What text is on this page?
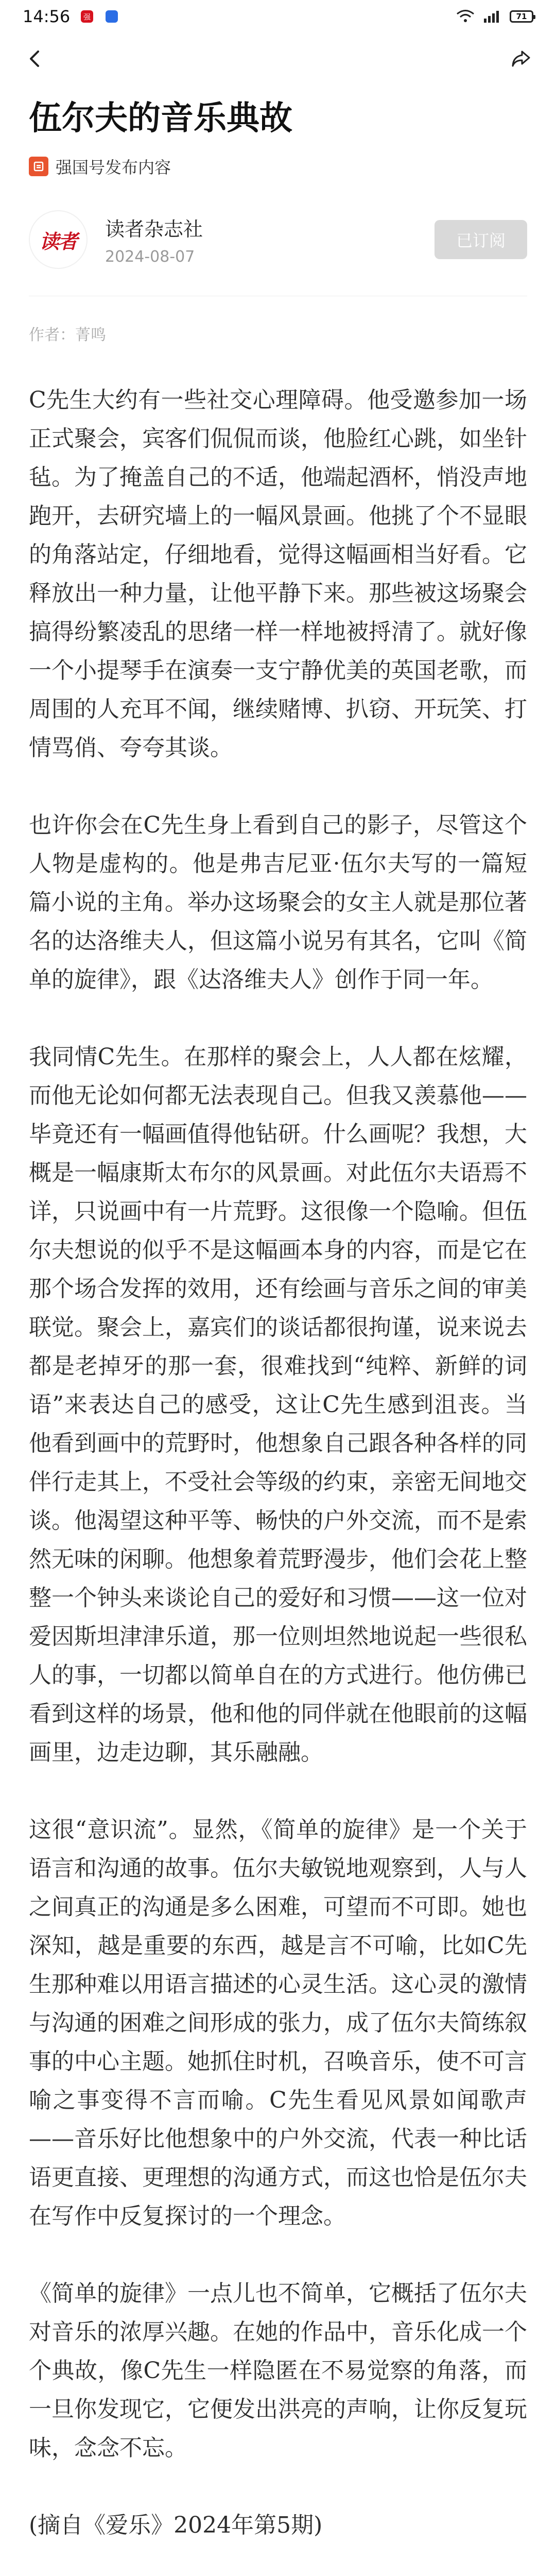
14:56 强	71
伍尔夫的音乐典故
强国号发布内容
读者
读者杂志社
2024-08-07
已订阅
作者：菁鸣

C先生大约有一些社交心理障碍。他受邀参加一场正式聚会，宾客们侃侃而谈，他脸红心跳，如坐针毡。为了掩盖自己的不适，他端起酒杯，悄没声地跑开，去研究墙上的一幅风景画。他挑了个不显眼的角落站定，仔细地看，觉得这幅画相当好看。它释放出一种力量，让他平静下来。那些被这场聚会搞得纷繁凌乱的思绪一样一样地被捋清了。就好像一个小提琴手在演奏一支宁静优美的英国老歌，而周围的人充耳不闻，继续赌博、扒窃、开玩笑、打情骂俏、夸夸其谈。

也许你会在C先生身上看到自己的影子，尽管这个人物是虚构的。他是弗吉尼亚·伍尔夫写的一篇短篇小说的主角。举办这场聚会的女主人就是那位著名的达洛维夫人，但这篇小说另有其名，它叫《简单的旋律》，跟《达洛维夫人》创作于同一年。

我同情C先生。在那样的聚会上，人人都在炫耀，而他无论如何都无法表现自己。但我又羡慕他——毕竟还有一幅画值得他钻研。什么画呢？我想，大概是一幅康斯太布尔的风景画。对此伍尔夫语焉不详，只说画中有一片荒野。这很像一个隐喻。但伍尔夫想说的似乎不是这幅画本身的内容，而是它在那个场合发挥的效用，还有绘画与音乐之间的审美联觉。聚会上，嘉宾们的谈话都很拘谨，说来说去都是老掉牙的那一套，很难找到“纯粹、新鲜的词语”来表达自己的感受，这让C先生感到沮丧。当他看到画中的荒野时，他想象自己跟各种各样的同伴行走其上，不受社会等级的约束，亲密无间地交谈。他渴望这种平等、畅快的户外交流，而不是索然无味的闲聊。他想象着荒野漫步，他们会花上整整一个钟头来谈论自己的爱好和习惯——这一位对爱因斯坦津津乐道，那一位则坦然地说起一些很私人的事，一切都以简单自在的方式进行。他仿佛已看到这样的场景，他和他的同伴就在他眼前的这幅画里，边走边聊，其乐融融。

这很“意识流”。显然，《简单的旋律》是一个关于语言和沟通的故事。伍尔夫敏锐地观察到，人与人之间真正的沟通是多么困难，可望而不可即。她也深知，越是重要的东西，越是言不可喻，比如C先生那种难以用语言描述的心灵生活。这心灵的激情与沟通的困难之间形成的张力，成了伍尔夫简练叙事的中心主题。她抓住时机，召唤音乐，使不可言喻之事变得不言而喻。C先生看见风景如闻歌声——音乐好比他想象中的户外交流，代表一种比话语更直接、更理想的沟通方式，而这也恰是伍尔夫在写作中反复探讨的一个理念。

《简单的旋律》一点儿也不简单，它概括了伍尔夫对音乐的浓厚兴趣。在她的作品中，音乐化成一个个典故，像C先生一样隐匿在不易觉察的角落，而一旦你发现它，它便发出洪亮的声响，让你反复玩味，念念不忘。

(摘自《爱乐》2024年第5期)
